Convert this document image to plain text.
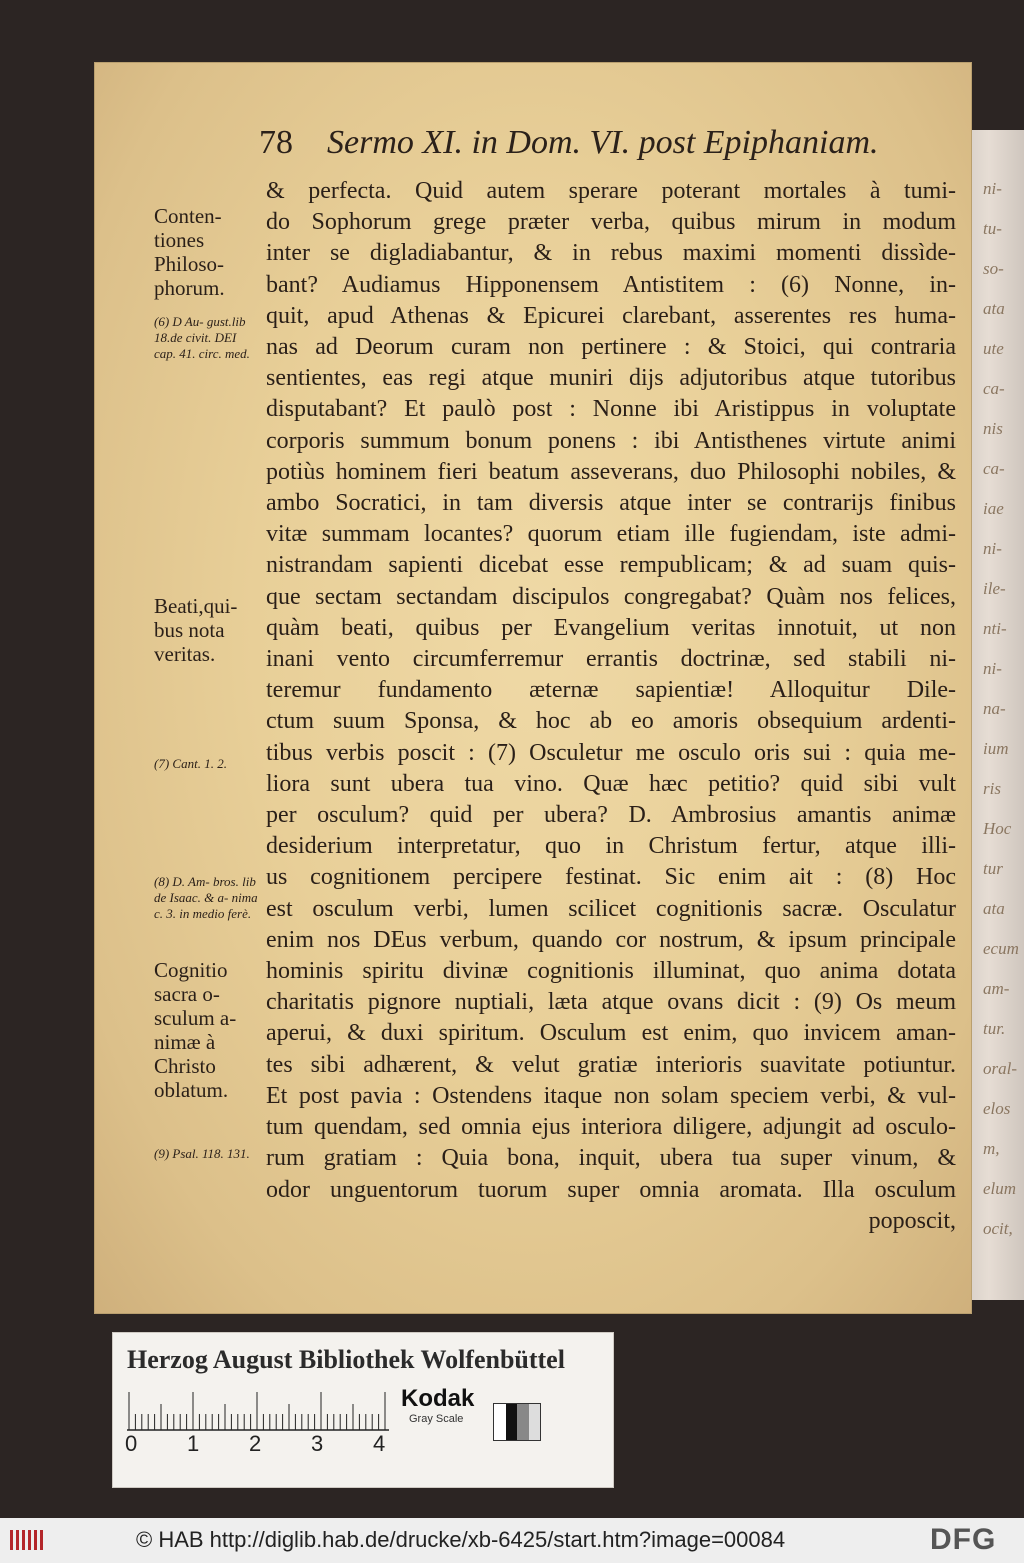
ni-
tu-
so-
ata
ute
ca-
nis
ca-
iae
ni-
ile-
nti-
ni-
na-
ium
ris
Hoc
tur
ata
ecum
am-
tur.
oral-
elos
m,
elum
ocit,
78 Sermo XI. in Dom. VI. post Epiphaniam.
Conten- tiones Philoso- phorum.
(6) D Au- gust.lib 18.de civit. DEI cap. 41. circ. med.
Beati,qui- bus nota veritas.
(7) Cant. 1. 2.
(8) D. Am- bros. lib de Isaac. & a- nima c. 3. in medio ferè.
Cognitio sacra o- sculum a- nimæ à Christo oblatum.
(9) Psal. 118. 131.

& perfecta. Quid autem sperare poterant mortales à tumi-

do Sophorum grege præter verba, quibus mirum in modum

inter se digladiabantur, & in rebus maximi momenti dissìde-

bant? Audiamus Hipponensem Antistitem : (6) Nonne, in-

quit, apud Athenas & Epicurei clarebant, asserentes res huma-

nas ad Deorum curam non pertinere : & Stoici, qui contraria

sentientes, eas regi atque muniri dijs adjutoribus atque tutoribus

disputabant? Et paulò post : Nonne ibi Aristippus in voluptate

corporis summum bonum ponens : ibi Antisthenes virtute animi

potiùs hominem fieri beatum asseverans, duo Philosophi nobiles, &

ambo Socratici, in tam diversis atque inter se contrarijs finibus

vitæ summam locantes? quorum etiam ille fugiendam, iste admi-

nistrandam sapienti dicebat esse rempublicam; & ad suam quis-

que sectam sectandam discipulos congregabat? Quàm nos felices,

quàm beati, quibus per Evangelium veritas innotuit, ut non

inani vento circumferremur errantis doctrinæ, sed stabili ni-

teremur fundamento æternæ sapientiæ! Alloquitur Dile-

ctum suum Sponsa, & hoc ab eo amoris obsequium ardenti-

tibus verbis poscit : (7) Osculetur me osculo oris sui : quia me-

liora sunt ubera tua vino. Quæ hæc petitio? quid sibi vult

per osculum? quid per ubera? D. Ambrosius amantis animæ

desiderium interpretatur, quo in Christum fertur, atque illi-

us cognitionem percipere festinat. Sic enim ait : (8) Hoc

est osculum verbi, lumen scilicet cognitionis sacræ. Osculatur

enim nos DEus verbum, quando cor nostrum, & ipsum principale

hominis spiritu divinæ cognitionis illuminat, quo anima dotata

charitatis pignore nuptiali, læta atque ovans dicit : (9) Os meum

aperui, & duxi spiritum. Osculum est enim, quo invicem aman-

tes sibi adhærent, & velut gratiæ interioris suavitate potiuntur.

Et post pavia : Ostendens itaque non solam speciem verbi, & vul-

tum quendam, sed omnia ejus interiora diligere, adjungit ad osculo-

rum gratiam : Quia bona, inquit, ubera tua super vinum, &

odor unguentorum tuorum super omnia aromata. Illa osculum

poposcit,

Herzog August Bibliothek Wolfenbüttel
0 1 2 3 4
Kodak
Gray Scale
© HAB http://diglib.hab.de/drucke/xb-6425/start.htm?image=00084	DFG
